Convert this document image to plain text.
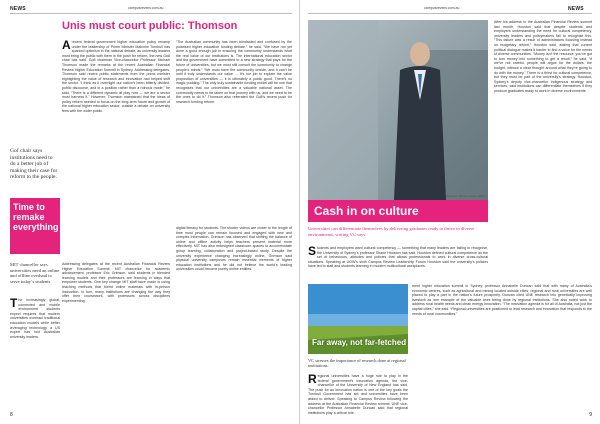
NEWS	campusreview.com.au
Unis must court public: Thomson
Arecent federal government higher education policy revamp under the leadership of Prime Minister Malcolm Turnbull has sparked optimism in the national debate, as university leaders must bring the public with them in the push for reform, the new Go8 chair has said. Go8 chairman Vice-chancellor Professor Michael Thomson made the remarks at the recent Australian Financial Review Higher Education Summit in Sydney. Addressing delegates, Thomson said recent public statements from the prime minister highlighting the value of research and innovation had helped shift the sector. “I think as if overnight our nation’s been bitterly divided, public discourse, and in a position rather than a ruinous mode,” he said. “There is a different dynamic at play now — we are a sector must harness it.” However, Thomson maintained that the ideas of policy reform needed to focus on the long-term future and growth of the national higher education sector, outside a debate on university fees with the wider public.
“The Australian community has been blindsided and confused by the polarised higher education funding debate,” he said. “We have not yet done a good enough job in ensuring the community understands what the real value of our institutions is. The international education sector and the government have committed to a new strategy that pays for the future of universities, but we must still consult the community to change people’s minds.” “We must have the community onside, and it can’t be until it truly understands our value … It’s our job to explain the value proposition of universities — it is ultimately a public good. There’s no magic pudding.” The only truly sustainable funding model will be one that recognises that our universities are a valuable national asset. The community needs to be taken on that journey with us, and we need to be the ones to do it.” Thomson also reiterated the Go8’s recent push for research funding reform.
Gof chair says institutions need to do a better job of making their case for reform to the people.
Time to remake everything
MIT chancellor says universities need an online and offline overhaul to serve today’s students.
The increasingly global, connected and mobile environment students expect requires that modern universities overhaul traditional education models while better leveraging technology, a US expert has told Australian university leaders.
Addressing delegates at the recent Australian Financial Review Higher Education Summit, MIT chancellor for academic advancement, professor Eric Grimson, said students in blended learning models and their professors are learning in ways that empower students. One key change MIT staff have made is using teaching methods that blend online materials with in-person instruction. In turn, many institutions are changing the way they offer their coursework, with professors across disciplines experimenting.
digital literacy for students. The shorter videos are closer to the length of time most people can remain focused and engaged with new and complex information. Grimson has observed that shifting the balance of online and offline activity helps teachers present material more effectively. MIT has also redesigned classroom spaces to accommodate group learning, collaboration and project-based study. Despite the university experience changing increasingly online, Grimson said physical university campuses remain essential elements of higher education institutions and he did not believe the world’s leading universities could become purely online entities.
8
campusreview.com.au	NEWS
Professor Barney Glover, WSU
Cash in on culture
Universities can differentiate themselves by delivering graduates ready to thrive in diverse environments, writing VC says.
Students and employers want cultural competency — something that many leaders are failing to recognise, the University of Sydney’s professor Shane Houston has said. Houston defined cultural competence as the set of behaviours, attitudes and policies that allows professionals to work in diverse cross-cultural situations. Speaking at UOW’s sixth Campus Review Leadership Forum Houston said the university’s policies have led to staff and students learning in modern multicultural workplaces.
After his address to the Australian Financial Review summit last month, Houston said that despite students and employers understanding the need for cultural competency, university leaders and policymakers fail to recognise this. “This failure was a result of administrators focusing instead on budgetary reform,” Houston said, adding that current political dialogue makes it harder to find a voice for the needs of diverse communities. “Money isn’t the resource, you’ve got to turn money into something to get a result,” he said. “If we’ve not careful, people will argue for the dollars, the budget, without a clear thought around what they’re going to do with the money.” There is a thirst for cultural competence, but they must be part of the university’s strategy. Houston, Sydney’s deputy vice-chancellor Indigenous strategy and services, said institutions can differentiate themselves if they produce graduates ready to work in diverse environments.
Far away, not far-fetched
VC stresses the importance of research done at regional institutions.
Regional universities have a huge role to play in the federal government’s innovation agenda, the vice-chancellor of the University of New England has said. The push for an innovation nation is one of the key goals the Turnbull Government has set and universities have been asked to deliver. Speaking to Campus Review following the address at the Australian Financial Review summit, UNE vice-chancellor Professor Annabelle Duncan said that regional institutions play a critical role.
ment higher education summit in Sydney, professor Annabelle Duncan said that with many of Australia’s economic centres, such as agricultural and mining located outside cities, regional and rural universities are well placed to play a part in the nation’s future prosperity. Duncan cited UNE research into genetically improving livestock as one example of the valuable work being done by regional institutions. She also noted work to address rural health needs and clean energy innovation. “The innovation agenda is for all of Australia, not just the capital cities,” she said. “Regional universities are positioned to lead research and innovation that responds to the needs of rural communities.”
9
